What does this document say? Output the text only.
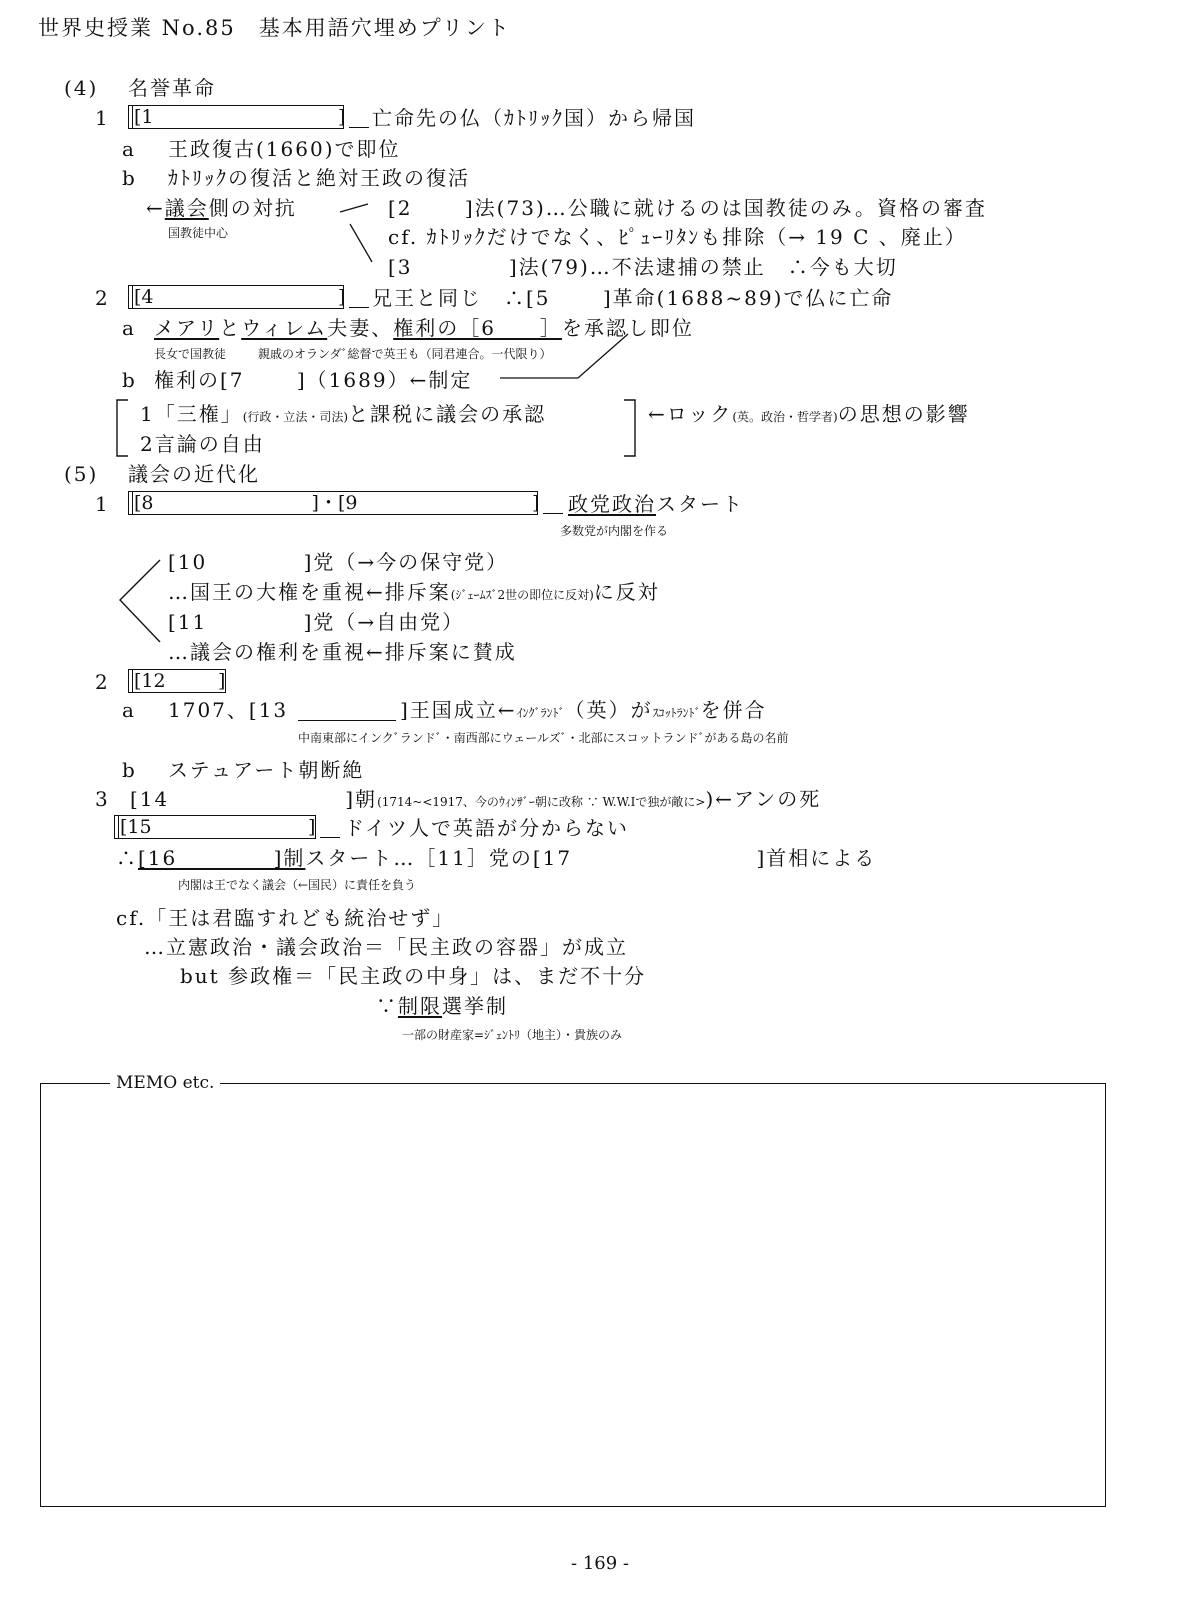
世界史授業 No.85　基本用語穴埋めプリント
(4) 名誉革命
1 [1	] 亡命先の仏（ｶﾄﾘｯｸ国）から帰国
a 王政復古(1660)で即位
b ｶﾄﾘｯｸの復活と絶対王政の復活
←議会側の対抗
国教徒中心
[2　　 ]法(73)…公職に就けるのは国教徒のみ。資格の審査
cf. ｶﾄﾘｯｸだけでなく、ﾋﾟｭｰﾘﾀﾝも排除（→ 19 C 、廃止）
[3　　　　 ]法(79)…不法逮捕の禁止　∴今も大切
2 [4	] 兄王と同じ　∴[5　　 ]革命(1688~89)で仏に亡命
a メアリとウィレム夫妻、権利の［6　　］を承認し即位
長女で国教徒	親戚のオランダﾞ総督で英王も（同君連合。一代限り）
b 権利の[7　　 ]（1689）←制定
1「三権」(行政・立法・司法)と課税に議会の承認
2言論の自由
←ロック(英。政治・哲学者)の思想の影響
(5) 議会の近代化
1 [8　　　　　　　　 ]・[9	] 政党政治スタート
多数党が内閣を作る
[10　　　　 ]党（→今の保守党）
…国王の大権を重視←排斥案(ｼﾞｪｰﾑｽﾞ2世の即位に反対)に反対
[11　　　　 ]党（→自由党）
…議会の権利を重視←排斥案に賛成
2 [12	]
a 1707、[13	]王国成立←ｲﾝｸﾞﾗﾝﾄﾞ（英）がｽｺｯﾄﾗﾝﾄﾞを併合
中南東部にインクﾞランドﾞ・南西部にウェールズﾞ・北部にスコットランドﾞがある島の名前
b ステュアート朝断絶
3 [14　　　　　　　　]朝(1714~<1917、今のｳｨﾝｻﾞｰ朝に改称 ∵ W.W.Ⅰで独が敵に>)←アンの死
[15	] ドイツ人で英語が分からない
∴[16　　　　 ]制スタート…［11］党の[17　　　　　　　　 ]首相による
内閣は王でなく議会（←国民）に責任を負う
cf.「王は君臨すれども統治せず」
…立憲政治・議会政治＝「民主政の容器」が成立
but 参政権＝「民主政の中身」は、まだ不十分
∵制限選挙制
一部の財産家=ｼﾞｪﾝﾄﾘ（地主）・貴族のみ
MEMO etc.
- 169 -
